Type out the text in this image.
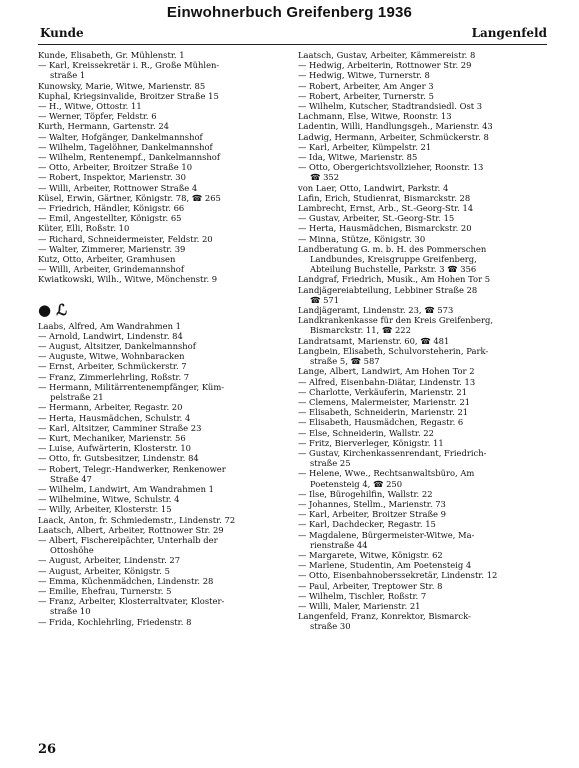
Einwohnerbuch Greifenberg 1936
Kunde	Langenfeld
Kunde, Elisabeth, Gr. Mühlenstr. 1
— Karl, Kreissekretär i. R., Große Mühlen-
straße 1
Kunowsky, Marie, Witwe, Marienstr. 85
Kuphal, Kriegsinvalide, Broitzer Straße 15
— H., Witwe, Ottostr. 11
— Werner, Töpfer, Feldstr. 6
Kurth, Hermann, Gartenstr. 24
— Walter, Hofgänger, Dankelmannshof
— Wilhelm, Tagelöhner, Dankelmannshof
— Wilhelm, Rentenempf., Dankelmannshof
— Otto, Arbeiter, Broitzer Straße 10
— Robert, Inspektor, Marienstr. 30
— Willi, Arbeiter, Rottnower Straße 4
Küsel, Erwin, Gärtner, Königstr. 78, ☎ 265
— Friedrich, Händler, Königstr. 66
— Emil, Angestellter, Königstr. 65
Küter, Elli, Roßstr. 10
— Richard, Schneidermeister, Feldstr. 20
— Walter, Zimmerer, Marienstr. 39
Kutz, Otto, Arbeiter, Gramhusen
— Willi, Arbeiter, Grindemannshof
Kwiatkowski, Wilh., Witwe, Mönchenstr. 9
● ℒ
Laabs, Alfred, Am Wandrahmen 1
— Arnold, Landwirt, Lindenstr. 84
— August, Altsitzer, Dankelmannshof
— Auguste, Witwe, Wohnbaracken
— Ernst, Arbeiter, Schmückerstr. 7
— Franz, Zimmerlehrling, Roßstr. 7
— Hermann, Militärrentenempfänger, Küm-
pelstraße 21
— Hermann, Arbeiter, Regastr. 20
— Herta, Hausmädchen, Schulstr. 4
— Karl, Altsitzer, Camminer Straße 23
— Kurt, Mechaniker, Marienstr. 56
— Luise, Aufwärterin, Klosterstr. 10
— Otto, fr. Gutsbesitzer, Lindenstr. 84
— Robert, Telegr.-Handwerker, Renkenower
Straße 47
— Wilhelm, Landwirt, Am Wandrahmen 1
— Wilhelmine, Witwe, Schulstr. 4
— Willy, Arbeiter, Klosterstr. 15
Laack, Anton, fr. Schmiedemstr., Lindenstr. 72
Laatsch, Albert, Arbeiter, Rottnower Str. 29
— Albert, Fischereipächter, Unterhalb der
Ottoshöhe
— August, Arbeiter, Lindenstr. 27
— August, Arbeiter, Königstr. 5
— Emma, Küchenmädchen, Lindenstr. 28
— Emilie, Ehefrau, Turnerstr. 5
— Franz, Arbeiter, Klosterraltvater, Kloster-
straße 10
— Frida, Kochlehrling, Friedenstr. 8
Laatsch, Gustav, Arbeiter, Kämmereistr. 8
— Hedwig, Arbeiterin, Rottnower Str. 29
— Hedwig, Witwe, Turnerstr. 8
— Robert, Arbeiter, Am Anger 3
— Robert, Arbeiter, Turnerstr. 5
— Wilhelm, Kutscher, Stadtrandsiedl. Ost 3
Lachmann, Else, Witwe, Roonstr. 13
Ladentin, Willi, Handlungsgeh., Marienstr. 43
Ladwig, Hermann, Arbeiter, Schmückerstr. 8
— Karl, Arbeiter, Kümpelstr. 21
— Ida, Witwe, Marienstr. 85
— Otto, Obergerichtsvollzieher, Roonstr. 13
☎ 352
von Laer, Otto, Landwirt, Parkstr. 4
Lafin, Erich, Studienrat, Bismarckstr. 28
Lambrecht, Ernst, Arb., St.-Georg-Str. 14
— Gustav, Arbeiter, St.-Georg-Str. 15
— Herta, Hausmädchen, Bismarckstr. 20
— Minna, Stütze, Königstr. 30
Landberatung G. m. b. H. des Pommerschen
Landbundes, Kreisgruppe Greifenberg,
Abteilung Buchstelle, Parkstr. 3 ☎ 356
Landgraf, Friedrich, Musik., Am Hohen Tor 5
Landjägereiabteilung, Lebbiner Straße 28
☎ 571
Landjägeramt, Lindenstr. 23, ☎ 573
Landkrankenkasse für den Kreis Greifenberg,
Bismarckstr. 11, ☎ 222
Landratsamt, Marienstr. 60, ☎ 481
Langbein, Elisabeth, Schulvorsteherin, Park-
straße 5, ☎ 587
Lange, Albert, Landwirt, Am Hohen Tor 2
— Alfred, Eisenbahn-Diätar, Lindenstr. 13
— Charlotte, Verkäuferin, Marienstr. 21
— Clemens, Malermeister, Marienstr. 21
— Elisabeth, Schneiderin, Marienstr. 21
— Elisabeth, Hausmädchen, Regastr. 6
— Else, Schneiderin, Wallstr. 22
— Fritz, Bierverleger, Königstr. 11
— Gustav, Kirchenkassenrendant, Friedrich-
straße 25
— Helene, Wwe., Rechtsanwaltsbüro, Am
Poetensteig 4, ☎ 250
— Ilse, Bürogehilfin, Wallstr. 22
— Johannes, Stellm., Marienstr. 73
— Karl, Arbeiter, Broitzer Straße 9
— Karl, Dachdecker, Regastr. 15
— Magdalene, Bürgermeister-Witwe, Ma-
rienstraße 44
— Margarete, Witwe, Königstr. 62
— Marlene, Studentin, Am Poetensteig 4
— Otto, Eisenbahnoberssekretär, Lindenstr. 12
— Paul, Arbeiter, Treptower Str. 8
— Wilhelm, Tischler, Roßstr. 7
— Willi, Maler, Marienstr. 21
Langenfeld, Franz, Konrektor, Bismarck-
straße 30
26
